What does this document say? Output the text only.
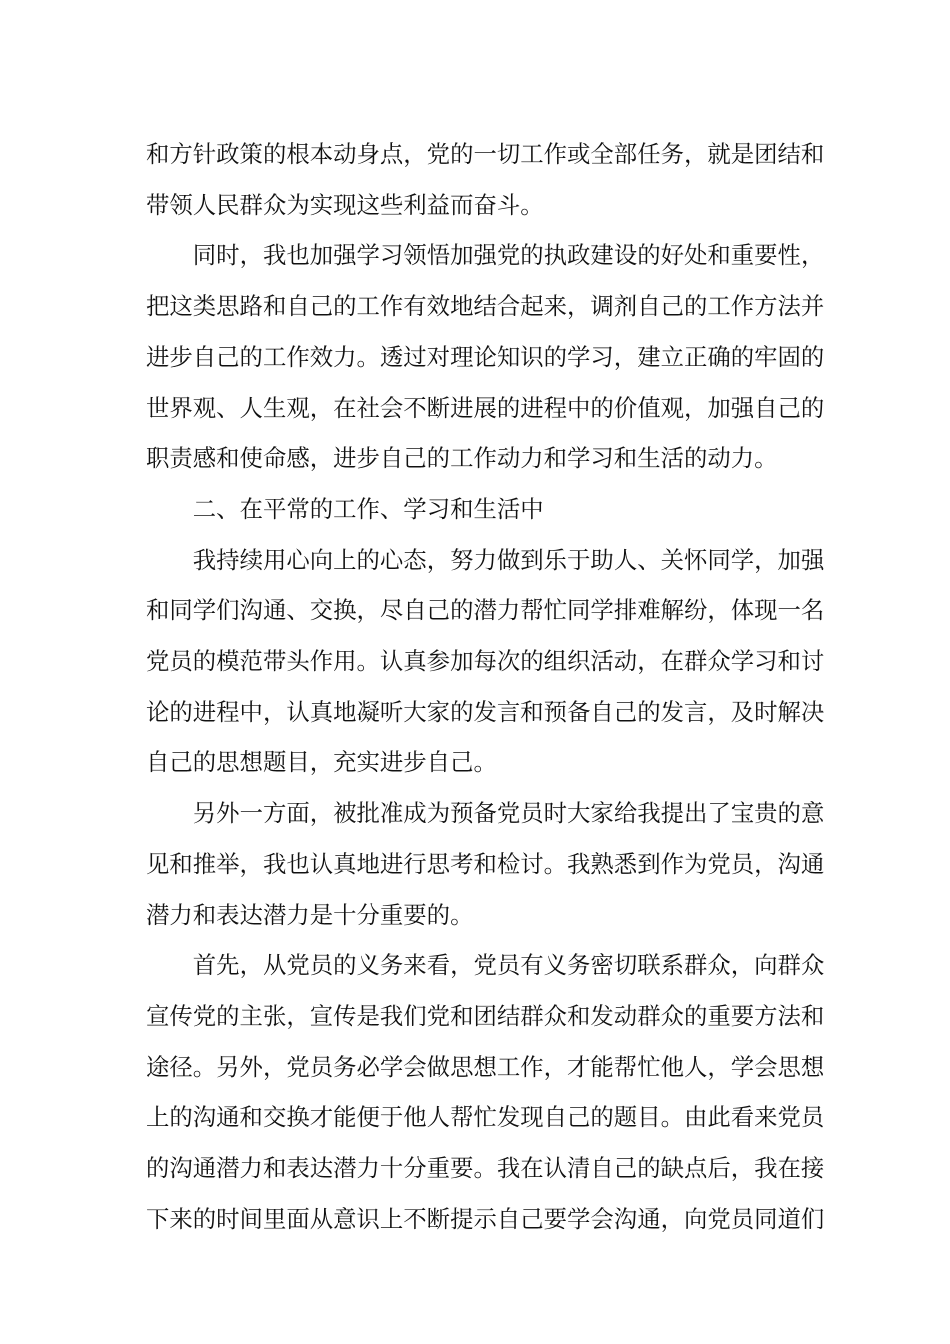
和方针政策的根本动身点，党的一切工作或全部任务，就是团结和
带领人民群众为实现这些利益而奋斗。

同时，我也加强学习领悟加强党的执政建设的好处和重要性，
把这类思路和自己的工作有效地结合起来，调剂自己的工作方法并
进步自己的工作效力。透过对理论知识的学习，建立正确的牢固的
世界观、人生观，在社会不断进展的进程中的价值观，加强自己的
职责感和使命感，进步自己的工作动力和学习和生活的动力。

二、在平常的工作、学习和生活中

我持续用心向上的心态，努力做到乐于助人、关怀同学，加强
和同学们沟通、交换，尽自己的潜力帮忙同学排难解纷，体现一名
党员的模范带头作用。认真参加每次的组织活动，在群众学习和讨
论的进程中，认真地凝听大家的发言和预备自己的发言，及时解决
自己的思想题目，充实进步自己。

另外一方面，被批准成为预备党员时大家给我提出了宝贵的意
见和推举，我也认真地进行思考和检讨。我熟悉到作为党员，沟通
潜力和表达潜力是十分重要的。

首先，从党员的义务来看，党员有义务密切联系群众，向群众
宣传党的主张，宣传是我们党和团结群众和发动群众的重要方法和
途径。另外，党员务必学会做思想工作，才能帮忙他人，学会思想
上的沟通和交换才能便于他人帮忙发现自己的题目。由此看来党员
的沟通潜力和表达潜力十分重要。我在认清自己的缺点后，我在接
下来的时间里面从意识上不断提示自己要学会沟通，向党员同道们
